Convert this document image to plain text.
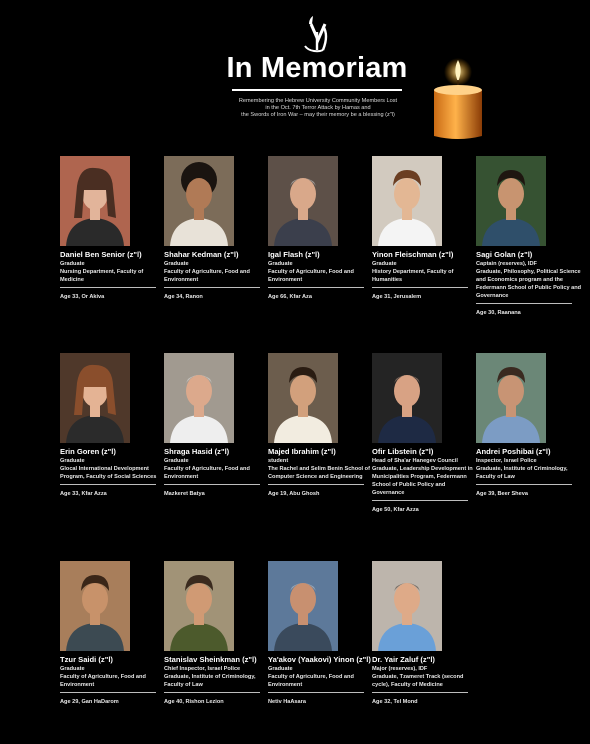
In Memoriam
Remembering the Hebrew University Community Members Lost
in the Oct. 7th Terror Attack by Hamas and
the Swords of Iron War – may their memory be a blessing (z"l)
Daniel Ben Senior (z"l)
Graduate
Nursing Department, Faculty of Medicine
Age 33, Or Akiva
Shahar Kedman (z"l)
Graduate
Faculty of Agriculture, Food and Environment
Age 34, Ranon
Igal Flash (z"l)
Graduate
Faculty of Agriculture, Food and Environment
Age 66, Kfar Aza
Yinon Fleischman (z"l)
Graduate
History Department, Faculty of Humanities
Age 31, Jerusalem
Sagi Golan (z"l)
Captain (reserves), IDF
Graduate, Philosophy, Political Science and Economics program and the Federmann School of Public Policy and Governance
Age 30, Raanana
Erin Goren (z"l)
Graduate
Glocal International Development Program, Faculty of Social Sciences
Age 33, Kfar Azza
Shraga Hasid (z"l)
Graduate
Faculty of Agriculture, Food and Environment
Mazkeret Batya
Majed Ibrahim (z"l)
student
The Rachel and Selim Benin School of Computer Science and Engineering
Age 19, Abu Ghosh
Ofir Libstein (z"l)
Head of Sha'ar Hanegev Council
Graduate, Leadership Development in Municipalities Program, Federmann School of Public Policy and Governance
Age 50, Kfar Azza
Andrei Poshibai (z"l)
Inspector, Israel Police
Graduate, Institute of Criminology, Faculty of Law
Age 39, Beer Sheva
Tzur Saidi (z"l)
Graduate
Faculty of Agriculture, Food and Environment
Age 29, Gan HaDarom
Stanislav Sheinkman (z"l)
Chief Inspector, Israel Police
Graduate, Institute of Criminology, Faculty of Law
Age 40, Rishon Lezion
Ya'akov (Yaakovi) Yinon (z"l)
Graduate
Faculty of Agriculture, Food and Environment
Netiv HaAsara
Dr. Yair Zaluf (z"l)
Major (reserves), IDF
Graduate, Tzameret Track (second cycle), Faculty of Medicine
Age 32, Tel Mond
